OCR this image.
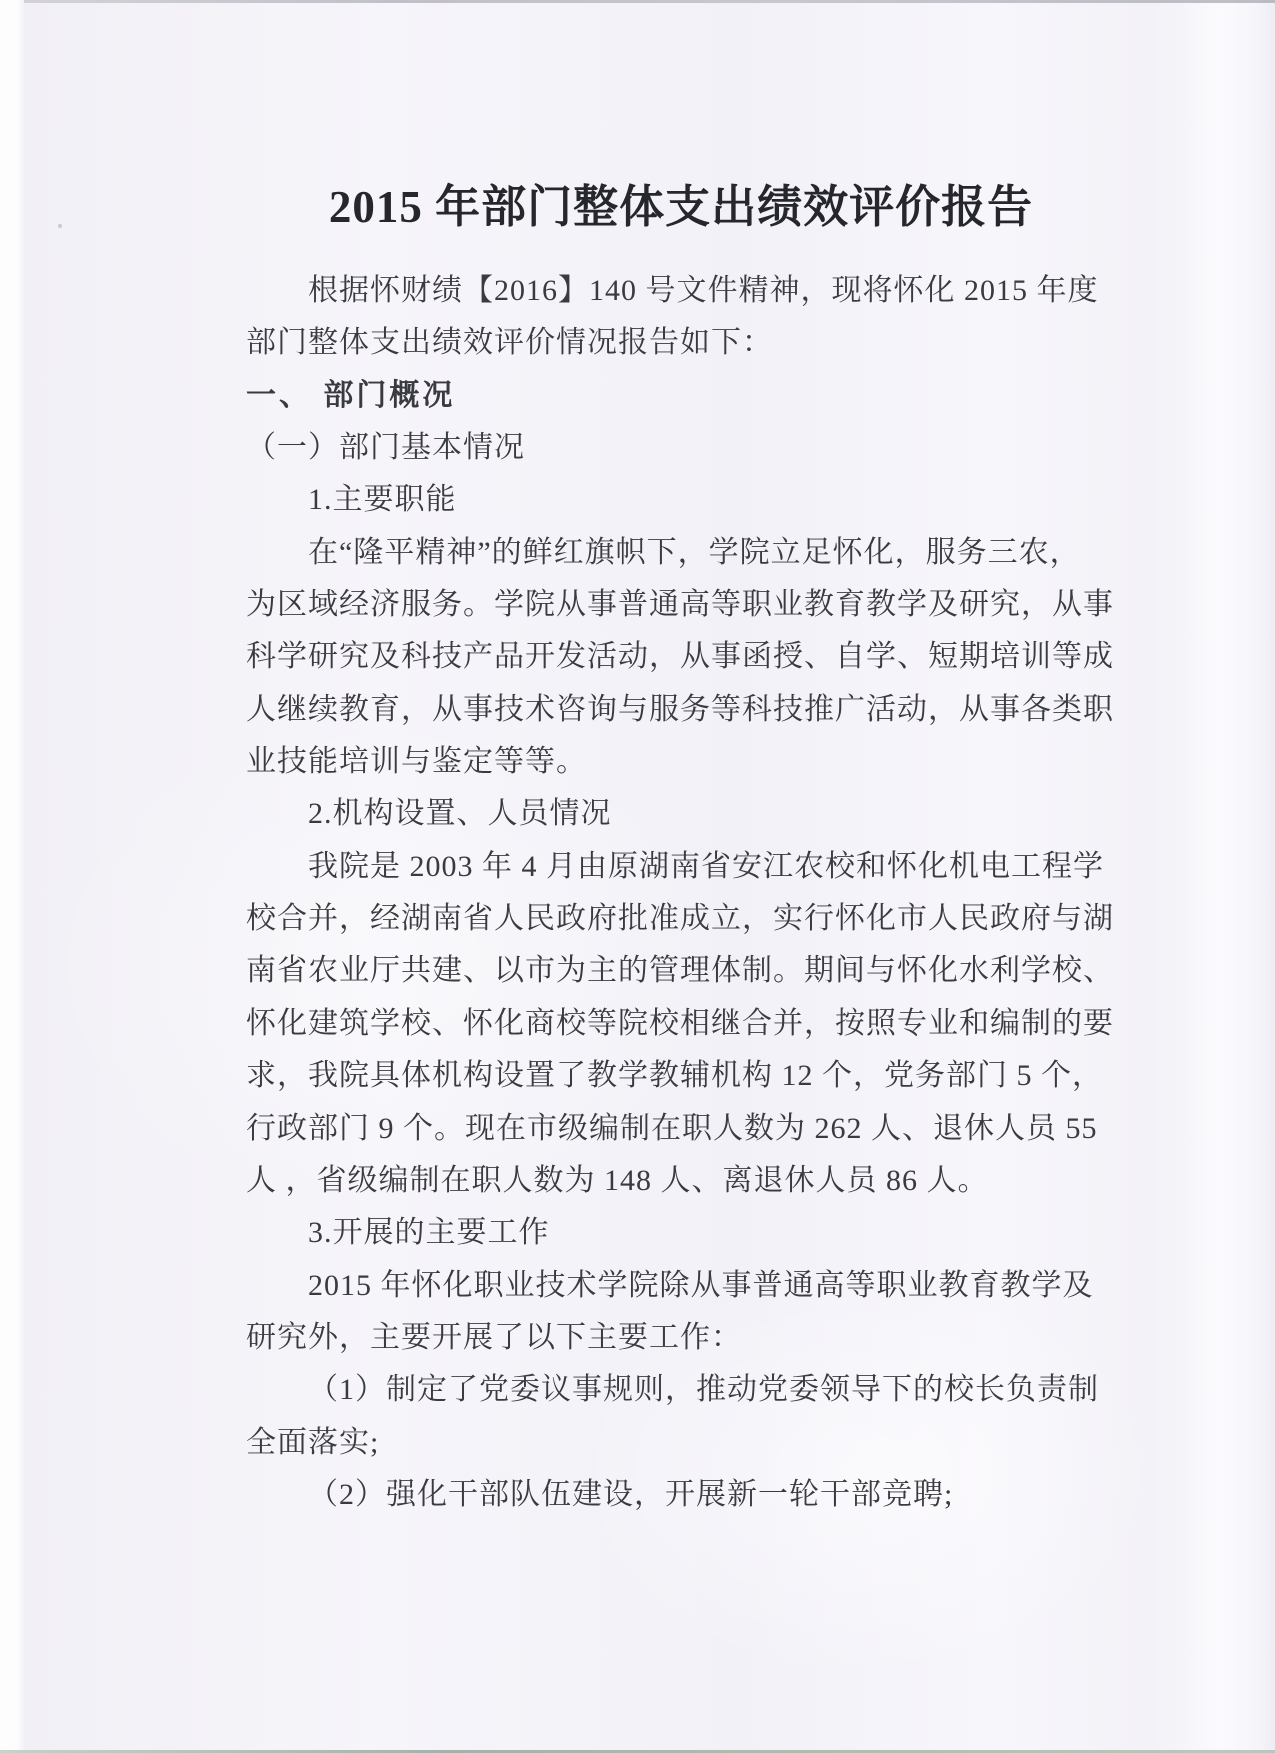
2015 年部门整体支出绩效评价报告
根据怀财绩【2016】140 号文件精神，现将怀化 2015 年度
部门整体支出绩效评价情况报告如下：
一、 部门概况
（一）部门基本情况
1.主要职能
在“隆平精神”的鲜红旗帜下，学院立足怀化，服务三农，
为区域经济服务。学院从事普通高等职业教育教学及研究，从事
科学研究及科技产品开发活动，从事函授、自学、短期培训等成
人继续教育，从事技术咨询与服务等科技推广活动，从事各类职
业技能培训与鉴定等等。
2.机构设置、人员情况
我院是 2003 年 4 月由原湖南省安江农校和怀化机电工程学
校合并，经湖南省人民政府批准成立，实行怀化市人民政府与湖
南省农业厅共建、以市为主的管理体制。期间与怀化水利学校、
怀化建筑学校、怀化商校等院校相继合并，按照专业和编制的要
求，我院具体机构设置了教学教辅机构 12 个，党务部门 5 个，
行政部门 9 个。现在市级编制在职人数为 262 人、退休人员 55
人 ，省级编制在职人数为 148 人、离退休人员 86 人。
3.开展的主要工作
2015 年怀化职业技术学院除从事普通高等职业教育教学及
研究外，主要开展了以下主要工作：
（1）制定了党委议事规则，推动党委领导下的校长负责制
全面落实;
（2）强化干部队伍建设，开展新一轮干部竞聘;
